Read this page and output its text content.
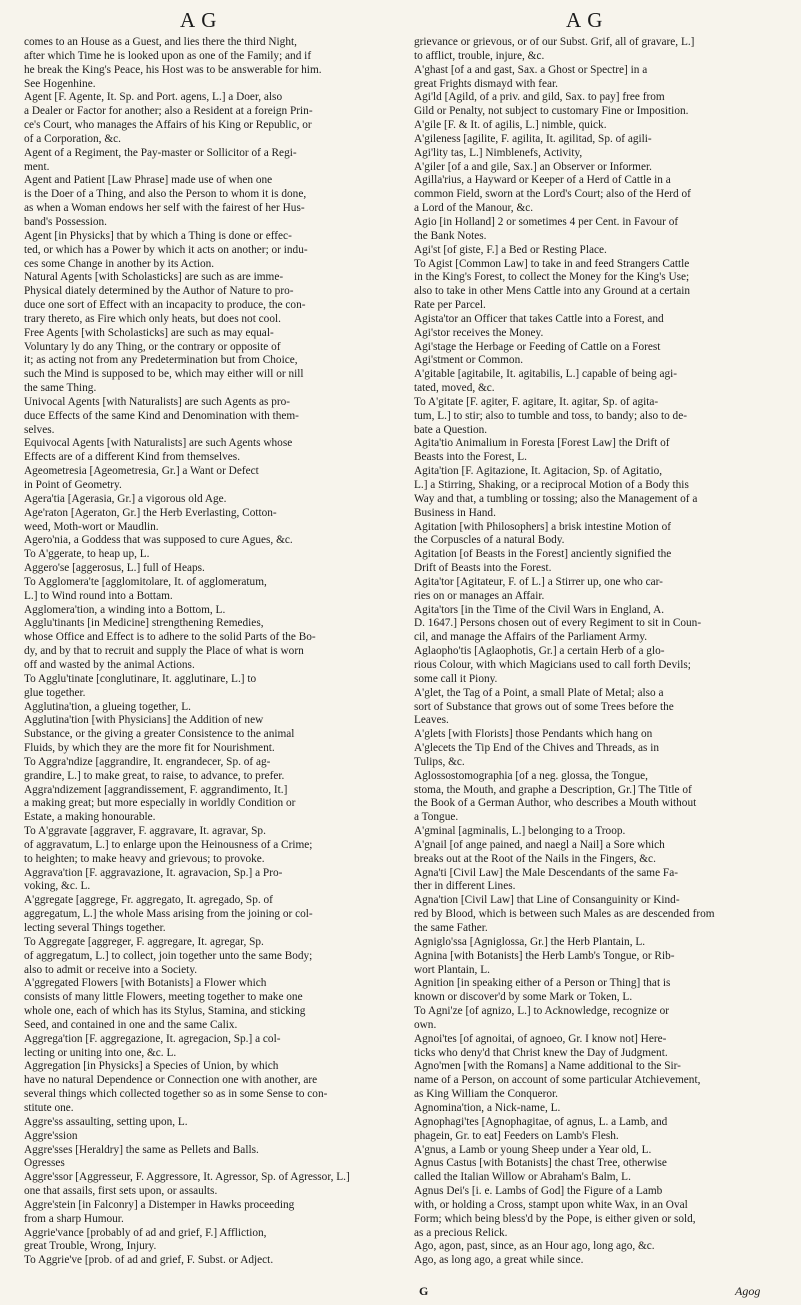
A G	A G
comes to an House as a Guest, and lies there the third Night,
after which Time he is looked upon as one of the Family; and if
he break the King's Peace, his Host was to be answerable for him.
See Hogenhine.
Agent [F. Agente, It. Sp. and Port. agens, L.] a Doer, also
a Dealer or Factor for another; also a Resident at a foreign Prin-
ce's Court, who manages the Affairs of his King or Republic, or
of a Corporation, &c.
Agent of a Regiment, the Pay-master or Sollicitor of a Regi-
ment.
Agent and Patient [Law Phrase] made use of when one
is the Doer of a Thing, and also the Person to whom it is done,
as when a Woman endows her self with the fairest of her Hus-
band's Possession.
Agent [in Physicks] that by which a Thing is done or effec-
ted, or which has a Power by which it acts on another; or indu-
ces some Change in another by its Action.
Natural Agents [with Scholasticks] are such as are imme-
Physical diately determined by the Author of Nature to pro-
duce one sort of Effect with an incapacity to produce, the con-
trary thereto, as Fire which only heats, but does not cool.
Free Agents [with Scholasticks] are such as may equal-
Voluntary ly do any Thing, or the contrary or opposite of
it; as acting not from any Predetermination but from Choice,
such the Mind is supposed to be, which may either will or nill
the same Thing.
Univocal Agents [with Naturalists] are such Agents as pro-
duce Effects of the same Kind and Denomination with them-
selves.
Equivocal Agents [with Naturalists] are such Agents whose
Effects are of a different Kind from themselves.
Ageometresia [Ageometresia, Gr.] a Want or Defect
in Point of Geometry.
Agera'tia [Agerasia, Gr.] a vigorous old Age.
Age'raton [Ageraton, Gr.] the Herb Everlasting, Cotton-
weed, Moth-wort or Maudlin.
Agero'nia, a Goddess that was supposed to cure Agues, &c.
To A'ggerate, to heap up, L.
Aggero'se [aggerosus, L.] full of Heaps.
To Agglomera'te [agglomitolare, It. of agglomeratum,
L.] to Wind round into a Bottam.
Agglomera'tion, a winding into a Bottom, L.
Agglu'tinants [in Medicine] strengthening Remedies,
whose Office and Effect is to adhere to the solid Parts of the Bo-
dy, and by that to recruit and supply the Place of what is worn
off and wasted by the animal Actions.
To Agglu'tinate [conglutinare, It. agglutinare, L.] to
glue together.
Agglutina'tion, a glueing together, L.
Agglutina'tion [with Physicians] the Addition of new
Substance, or the giving a greater Consistence to the animal
Fluids, by which they are the more fit for Nourishment.
To Aggra'ndize [aggrandire, It. engrandecer, Sp. of ag-
grandire, L.] to make great, to raise, to advance, to prefer.
Aggra'ndizement [aggrandissement, F. aggrandimento, It.]
a making great; but more especially in worldly Condition or
Estate, a making honourable.
To A'ggravate [aggraver, F. aggravare, It. agravar, Sp.
of aggravatum, L.] to enlarge upon the Heinousness of a Crime;
to heighten; to make heavy and grievous; to provoke.
Aggrava'tion [F. aggravazione, It. agravacion, Sp.] a Pro-
voking, &c. L.
A'ggregate [aggrege, Fr. aggregato, It. agregado, Sp. of
aggregatum, L.] the whole Mass arising from the joining or col-
lecting several Things together.
To Aggregate [aggreger, F. aggregare, It. agregar, Sp.
of aggregatum, L.] to collect, join together unto the same Body;
also to admit or receive into a Society.
A'ggregated Flowers [with Botanists] a Flower which
consists of many little Flowers, meeting together to make one
whole one, each of which has its Stylus, Stamina, and sticking
Seed, and contained in one and the same Calix.
Aggrega'tion [F. aggregazione, It. agregacion, Sp.] a col-
lecting or uniting into one, &c. L.
Aggregation [in Physicks] a Species of Union, by which
have no natural Dependence or Connection one with another, are
several things which collected together so as in some Sense to con-
stitute one.
Aggre'ss assaulting, setting upon, L.
Aggre'ssion
Aggre'sses [Heraldry] the same as Pellets and Balls.
Ogresses
Aggre'ssor [Aggresseur, F. Aggressore, It. Agressor, Sp. of Agressor, L.]
one that assails, first sets upon, or assaults.
Aggre'stein [in Falconry] a Distemper in Hawks proceeding
from a sharp Humour.
Aggrie'vance [probably of ad and grief, F.] Affliction,
great Trouble, Wrong, Injury.
To Aggrie've [prob. of ad and grief, F. Subst. or Adject.
grievance or grievous, or of our Subst. Grif, all of gravare, L.]
to afflict, trouble, injure, &c.
A'ghast [of a and gast, Sax. a Ghost or Spectre] in a
great Frights dismayd with fear.
Agi'ld [Agild, of a priv. and gild, Sax. to pay] free from
Gild or Penalty, not subject to customary Fine or Imposition.
A'gile [F. & It. of agilis, L.] nimble, quick.
A'gileness [agilite, F. agilita, It. agilitad, Sp. of agili-
Agi'lity tas, L.] Nimblenefs, Activity,
A'giler [of a and gile, Sax.] an Observer or Informer.
Agilla'rius, a Hayward or Keeper of a Herd of Cattle in a
common Field, sworn at the Lord's Court; also of the Herd of
a Lord of the Manour, &c.
Agio [in Holland] 2 or sometimes 4 per Cent. in Favour of
the Bank Notes.
Agi'st [of giste, F.] a Bed or Resting Place.
To Agist [Common Law] to take in and feed Strangers Cattle
in the King's Forest, to collect the Money for the King's Use;
also to take in other Mens Cattle into any Ground at a certain
Rate per Parcel.
Agista'tor an Officer that takes Cattle into a Forest, and
Agi'stor receives the Money.
Agi'stage the Herbage or Feeding of Cattle on a Forest
Agi'stment or Common.
A'gitable [agitabile, It. agitabilis, L.] capable of being agi-
tated, moved, &c.
To A'gitate [F. agiter, F. agitare, It. agitar, Sp. of agita-
tum, L.] to stir; also to tumble and toss, to bandy; also to de-
bate a Question.
Agita'tio Animalium in Foresta [Forest Law] the Drift of
Beasts into the Forest, L.
Agita'tion [F. Agitazione, It. Agitacion, Sp. of Agitatio,
L.] a Stirring, Shaking, or a reciprocal Motion of a Body this
Way and that, a tumbling or tossing; also the Management of a
Business in Hand.
Agitation [with Philosophers] a brisk intestine Motion of
the Corpuscles of a natural Body.
Agitation [of Beasts in the Forest] anciently signified the
Drift of Beasts into the Forest.
Agita'tor [Agitateur, F. of L.] a Stirrer up, one who car-
ries on or manages an Affair.
Agita'tors [in the Time of the Civil Wars in England, A.
D. 1647.] Persons chosen out of every Regiment to sit in Coun-
cil, and manage the Affairs of the Parliament Army.
Aglaopho'tis [Aglaophotis, Gr.] a certain Herb of a glo-
rious Colour, with which Magicians used to call forth Devils;
some call it Piony.
A'glet, the Tag of a Point, a small Plate of Metal; also a
sort of Substance that grows out of some Trees before the
Leaves.
A'glets [with Florists] those Pendants which hang on
A'glecets the Tip End of the Chives and Threads, as in
Tulips, &c.
Aglossostomographia [of a neg. glossa, the Tongue,
stoma, the Mouth, and graphe a Description, Gr.] The Title of
the Book of a German Author, who describes a Mouth without
a Tongue.
A'gminal [agminalis, L.] belonging to a Troop.
A'gnail [of ange pained, and naegl a Nail] a Sore which
breaks out at the Root of the Nails in the Fingers, &c.
Agna'ti [Civil Law] the Male Descendants of the same Fa-
ther in different Lines.
Agna'tion [Civil Law] that Line of Consanguinity or Kind-
red by Blood, which is between such Males as are descended from
the same Father.
Agniglo'ssa [Agniglossa, Gr.] the Herb Plantain, L.
Agnina [with Botanists] the Herb Lamb's Tongue, or Rib-
wort Plantain, L.
Agnition [in speaking either of a Person or Thing] that is
known or discover'd by some Mark or Token, L.
To Agni'ze [of agnizo, L.] to Acknowledge, recognize or
own.
Agnoi'tes [of agnoitai, of agnoeo, Gr. I know not] Here-
ticks who deny'd that Christ knew the Day of Judgment.
Agno'men [with the Romans] a Name additional to the Sir-
name of a Person, on account of some particular Atchievement,
as King William the Conqueror.
Agnomina'tion, a Nick-name, L.
Agnophagi'tes [Agnophagitae, of agnus, L. a Lamb, and
phagein, Gr. to eat] Feeders on Lamb's Flesh.
A'gnus, a Lamb or young Sheep under a Year old, L.
Agnus Castus [with Botanists] the chast Tree, otherwise
called the Italian Willow or Abraham's Balm, L.
Agnus Dei's [i. e. Lambs of God] the Figure of a Lamb
with, or holding a Cross, stampt upon white Wax, in an Oval
Form; which being bless'd by the Pope, is either given or sold,
as a precious Relick.
Ago, agon, past, since, as an Hour ago, long ago, &c.
Ago, as long ago, a great while since.
G	Agog
